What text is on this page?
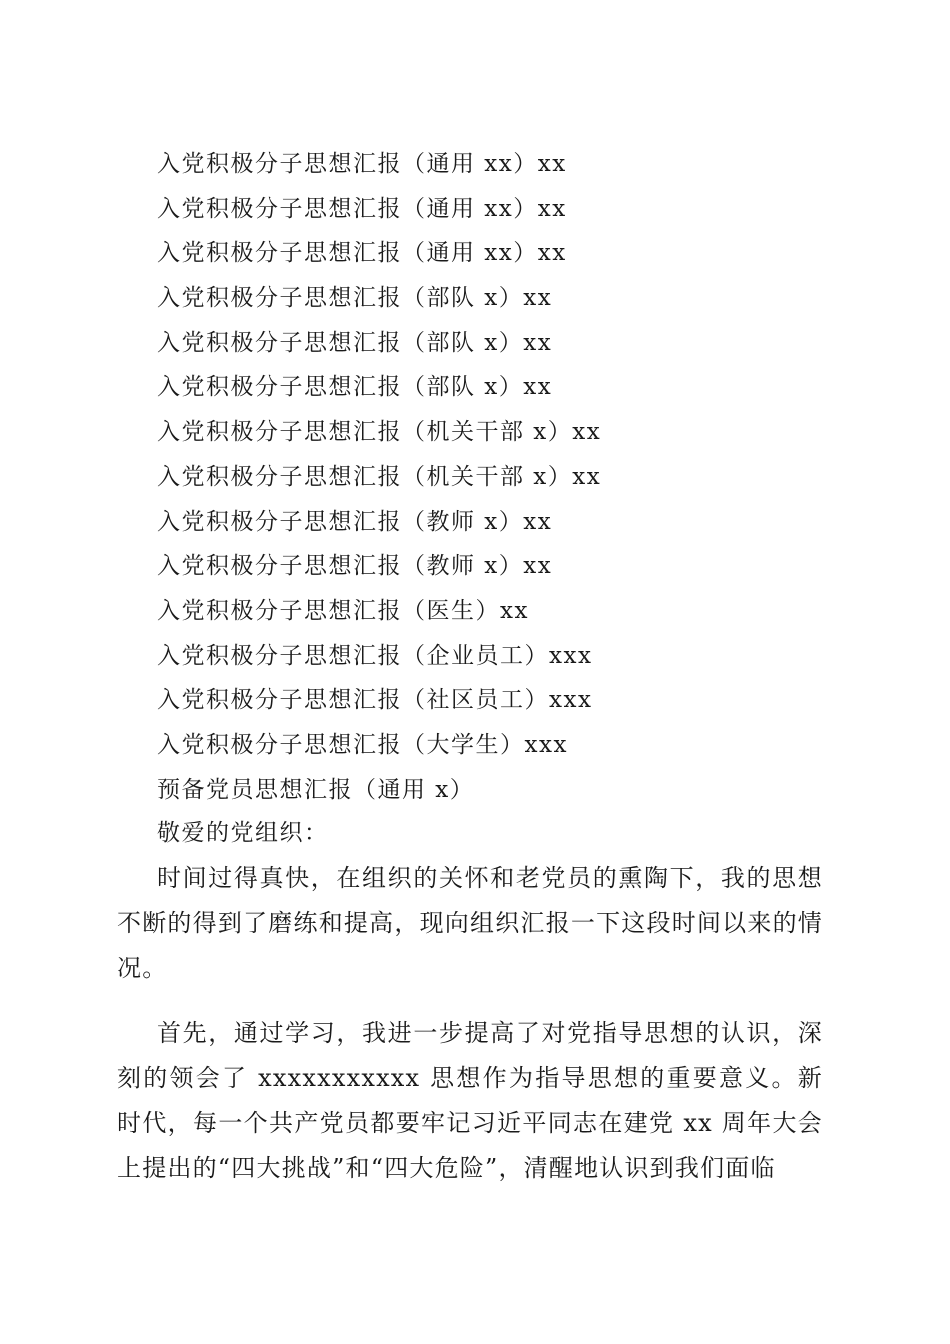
入党积极分子思想汇报（通用 xx）xx
入党积极分子思想汇报（通用 xx）xx
入党积极分子思想汇报（通用 xx）xx
入党积极分子思想汇报（部队 x）xx
入党积极分子思想汇报（部队 x）xx
入党积极分子思想汇报（部队 x）xx
入党积极分子思想汇报（机关干部 x）xx
入党积极分子思想汇报（机关干部 x）xx
入党积极分子思想汇报（教师 x）xx
入党积极分子思想汇报（教师 x）xx
入党积极分子思想汇报（医生）xx
入党积极分子思想汇报（企业员工）xxx
入党积极分子思想汇报（社区员工）xxx
入党积极分子思想汇报（大学生）xxx
预备党员思想汇报（通用 x）
敬爱的党组织：

时间过得真快，在组织的关怀和老党员的熏陶下，我的思想不断的得到了磨练和提高，现向组织汇报一下这段时间以来的情况。

首先，通过学习，我进一步提高了对党指导思想的认识，深刻的领会了 xxxxxxxxxxx 思想作为指导思想的重要意义。新时代，每一个共产党员都要牢记习近平同志在建党 xx 周年大会上提出的“四大挑战”和“四大危险”，清醒地认识到我们面临
